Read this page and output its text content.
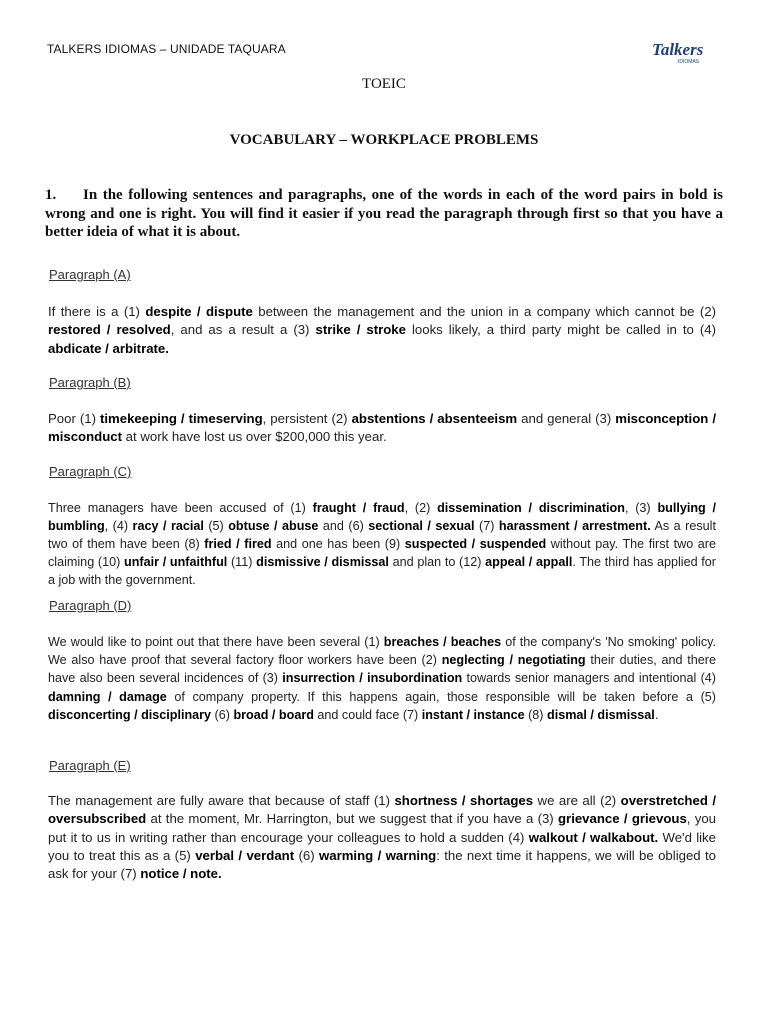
TALKERS IDIOMAS – UNIDADE TAQUARA	Talkers
IDIOMAS
TOEIC
VOCABULARY – WORKPLACE PROBLEMS
1. In the following sentences and paragraphs, one of the words in each of the word pairs in bold is wrong and one is right. You will find it easier if you read the paragraph through first so that you have a better ideia of what it is about.
Paragraph (A)
If there is a (1) despite / dispute between the management and the union in a company which cannot be (2) restored / resolved, and as a result a (3) strike / stroke looks likely, a third party might be called in to (4) abdicate / arbitrate.
Paragraph (B)
Poor (1) timekeeping / timeserving, persistent (2) abstentions / absenteeism and general (3) misconception / misconduct at work have lost us over $200,000 this year.
Paragraph (C)
Three managers have been accused of (1) fraught / fraud, (2) dissemination / discrimination, (3) bullying / bumbling, (4) racy / racial (5) obtuse / abuse and (6) sectional / sexual (7) harassment / arrestment. As a result two of them have been (8) fried / fired and one has been (9) suspected / suspended without pay. The first two are claiming (10) unfair / unfaithful (11) dismissive / dismissal and plan to (12) appeal / appall. The third has applied for a job with the government.
Paragraph (D)
We would like to point out that there have been several (1) breaches / beaches of the company's 'No smoking' policy. We also have proof that several factory floor workers have been (2) neglecting / negotiating their duties, and there have also been several incidences of (3) insurrection / insubordination towards senior managers and intentional (4) damning / damage of company property. If this happens again, those responsible will be taken before a (5) disconcerting / disciplinary (6) broad / board and could face (7) instant / instance (8) dismal / dismissal.
Paragraph (E)
The management are fully aware that because of staff (1) shortness / shortages we are all (2) overstretched / oversubscribed at the moment, Mr. Harrington, but we suggest that if you have a (3) grievance / grievous, you put it to us in writing rather than encourage your colleagues to hold a sudden (4) walkout / walkabout. We'd like you to treat this as a (5) verbal / verdant (6) warming / warning: the next time it happens, we will be obliged to ask for your (7) notice / note.
